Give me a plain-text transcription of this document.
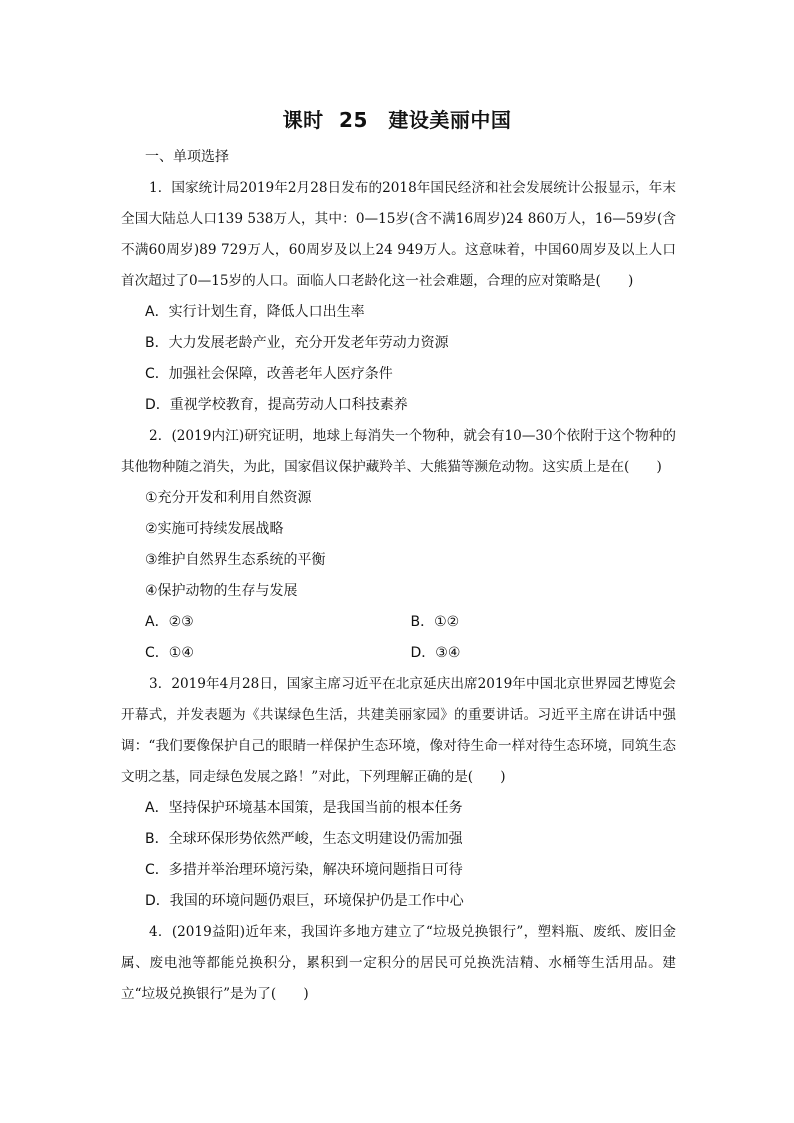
课时 25　建设美丽中国

一、单项选择

1．国家统计局2019年2月28日发布的2018年国民经济和社会发展统计公报显示，年末全国大陆总人口139 538万人，其中：0—15岁(含不满16周岁)24 860万人，16—59岁(含不满60周岁)89 729万人，60周岁及以上24 949万人。这意味着，中国60周岁及以上人口首次超过了0—15岁的人口。面临人口老龄化这一社会难题，合理的应对策略是(　　)

A．实行计划生育，降低人口出生率

B．大力发展老龄产业，充分开发老年劳动力资源

C．加强社会保障，改善老年人医疗条件

D．重视学校教育，提高劳动人口科技素养

2．(2019内江)研究证明，地球上每消失一个物种，就会有10—30个依附于这个物种的其他物种随之消失，为此，国家倡议保护藏羚羊、大熊猫等濒危动物。这实质上是在(　　)

①充分开发和利用自然资源

②实施可持续发展战略

③维护自然界生态系统的平衡

④保护动物的生存与发展

A．②③	B．①②
C．①④	D．③④

3．2019年4月28日，国家主席习近平在北京延庆出席2019年中国北京世界园艺博览会开幕式，并发表题为《共谋绿色生活，共建美丽家园》的重要讲话。习近平主席在讲话中强调：“我们要像保护自己的眼睛一样保护生态环境，像对待生命一样对待生态环境，同筑生态文明之基，同走绿色发展之路！”对此，下列理解正确的是(　　)

A．坚持保护环境基本国策，是我国当前的根本任务

B．全球环保形势依然严峻，生态文明建设仍需加强

C．多措并举治理环境污染，解决环境问题指日可待

D．我国的环境问题仍艰巨，环境保护仍是工作中心

4．(2019益阳)近年来，我国许多地方建立了“垃圾兑换银行”，塑料瓶、废纸、废旧金属、废电池等都能兑换积分，累积到一定积分的居民可兑换洗洁精、水桶等生活用品。建立“垃圾兑换银行”是为了(　　)
